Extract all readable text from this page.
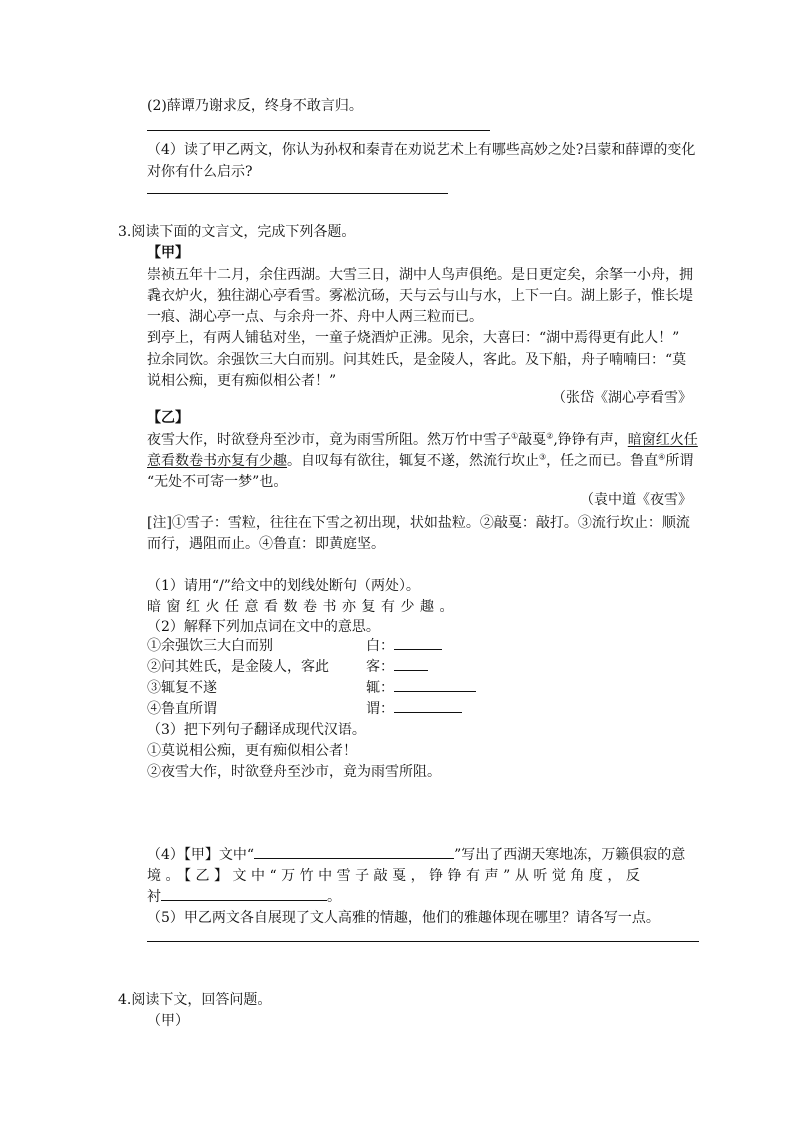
(2)薛谭乃谢求反，终身不敢言归。
（4）读了甲乙两文，你认为孙权和秦青在劝说艺术上有哪些高妙之处?吕蒙和薛谭的变化
对你有什么启示?
3.阅读下面的文言文，完成下列各题。
【甲】
崇祯五年十二月，余住西湖。大雪三日，湖中人鸟声俱绝。是日更定矣，余拏一小舟，拥
毳衣炉火，独往湖心亭看雪。雾凇沆砀，天与云与山与水，上下一白。湖上影子，惟长堤
一痕、湖心亭一点、与余舟一芥、舟中人两三粒而已。
到亭上，有两人铺毡对坐，一童子烧酒炉正沸。见余，大喜曰：“湖中焉得更有此人！”
拉余同饮。余强饮三大白而别。问其姓氏，是金陵人，客此。及下船，舟子喃喃曰：“莫
说相公痴，更有痴似相公者！”
（张岱《湖心亭看雪》
【乙】
夜雪大作，时欲登舟至沙市，竟为雨雪所阻。然万竹中雪子①敲戛②,铮铮有声，暗窗红火任
意看数卷书亦复有少趣。自叹每有欲往，辄复不遂，然流行坎止③，任之而已。鲁直④所谓
“无处不可寄一梦”也。
（袁中道《夜雪》
[注]①雪子：雪粒，往往在下雪之初出现，状如盐粒。②敲戛：敲打。③流行坎止：顺流
而行，遇阻而止。④鲁直：即黄庭坚。
（1）请用“/”给文中的划线处断句（两处）。
暗窗红火任意看数卷书亦复有少趣。
（2）解释下列加点词在文中的意思。
①余强饮三大白而别	白：
②问其姓氏，是金陵人，客此	客：
③辄复不遂	辄：
④鲁直所谓	谓：
（3）把下列句子翻译成现代汉语。
①莫说相公痴，更有痴似相公者！
②夜雪大作，时欲登舟至沙市，竟为雨雪所阻。
（4）【甲】文中“	”写出了西湖天寒地冻，万籁俱寂的意
境。【乙】文中“万竹中雪子敲戛，铮铮有声”从听觉角度，反
衬	。
（5）甲乙两文各自展现了文人高雅的情趣，他们的雅趣体现在哪里？请各写一点。
4.阅读下文，回答问题。
（甲）
